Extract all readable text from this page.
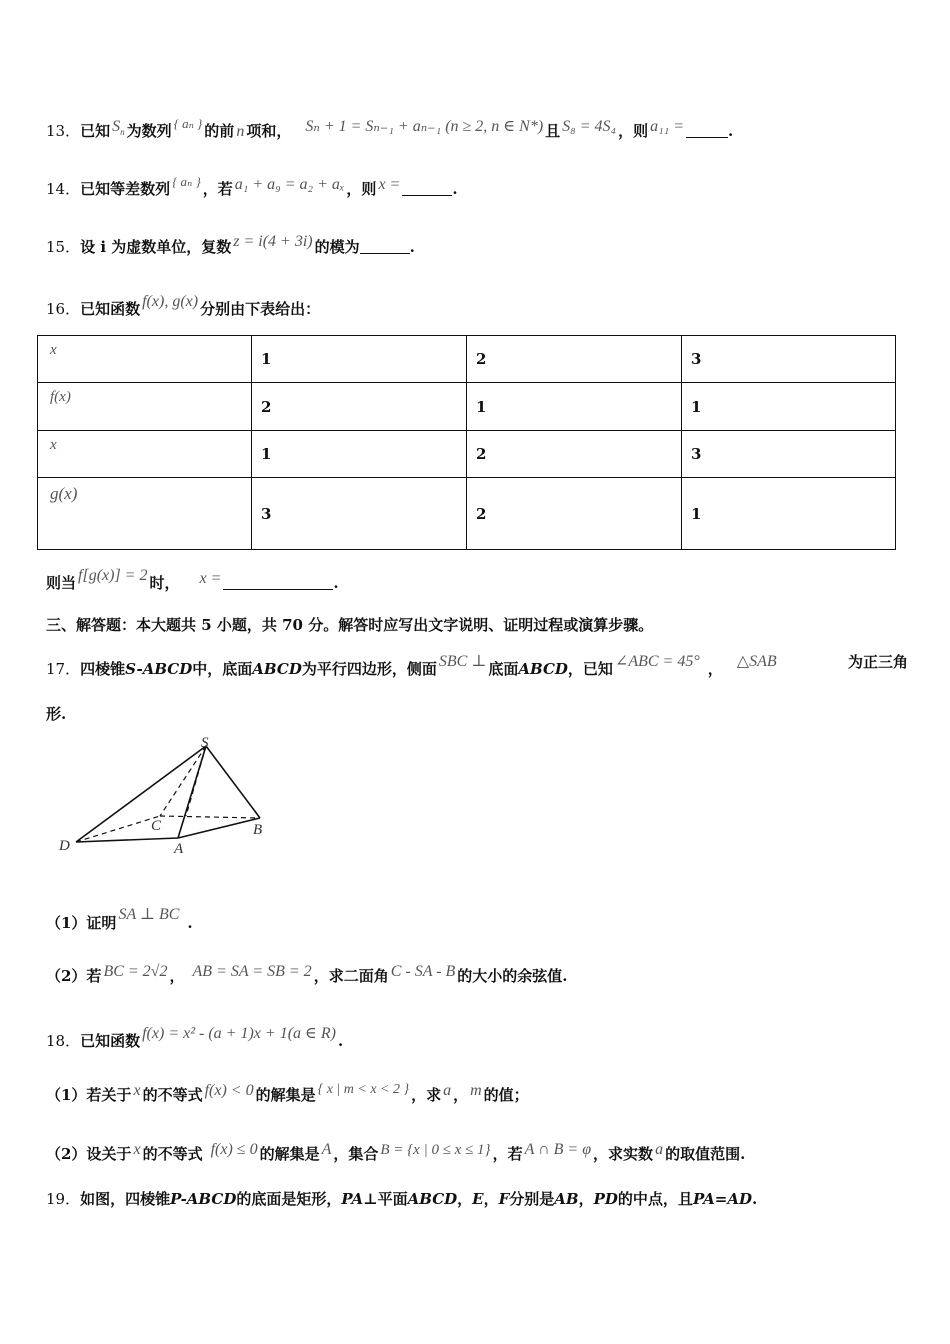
13．已知 $S_n$ 为数列 { aₙ } 的前 n 项和， Sₙ + 1 = Sₙ₋₁ + aₙ₋₁ (n ≥ 2, n ∈ N*) 且 S₈ = 4S₄ ，则 a₁₁ =	.
14．已知等差数列 { aₙ } ，若 a₁ + a₉ = a₂ + aₓ ，则 x =	.
15．设 i 为虚数单位，复数 z = i(4 + 3i) 的模为	.
16．已知函数 f(x), g(x) 分别由下表给出：
x	1	2	3
f(x)	2	1	1
x	1	2	3
g(x)	3	2	1
则当 f[g(x)] = 2 时， x =	.
三、解答题：本大题共 5 小题，共 70 分。解答时应写出文字说明、证明过程或演算步骤。
17．四棱锥S-ABCD中，底面ABCD为平行四边形，侧面 SBC ⊥ 底面ABCD，已知 ∠ABC = 45° ， △SAB	为正三角
形.
S
C	B
D	A
（1）证明 SA ⊥ BC .
（2）若 BC = 2√2 ， AB = SA = SB = 2 ，求二面角 C - SA - B 的大小的余弦值.
18．已知函数 f(x) = x² - (a + 1)x + 1(a ∈ R) .
（1）若关于 x 的不等式 f(x) < 0 的解集是 { x | m < x < 2 } ，求 a ， m 的值；
（2）设关于 x 的不等式 f(x) ≤ 0 的解集是 A ，集合 B = {x | 0 ≤ x ≤ 1} ，若 A ∩ B = φ ，求实数 a 的取值范围.
19．如图，四棱锥P-ABCD的底面是矩形，PA⊥平面ABCD，E，F分别是AB，PD的中点，且PA=AD.
